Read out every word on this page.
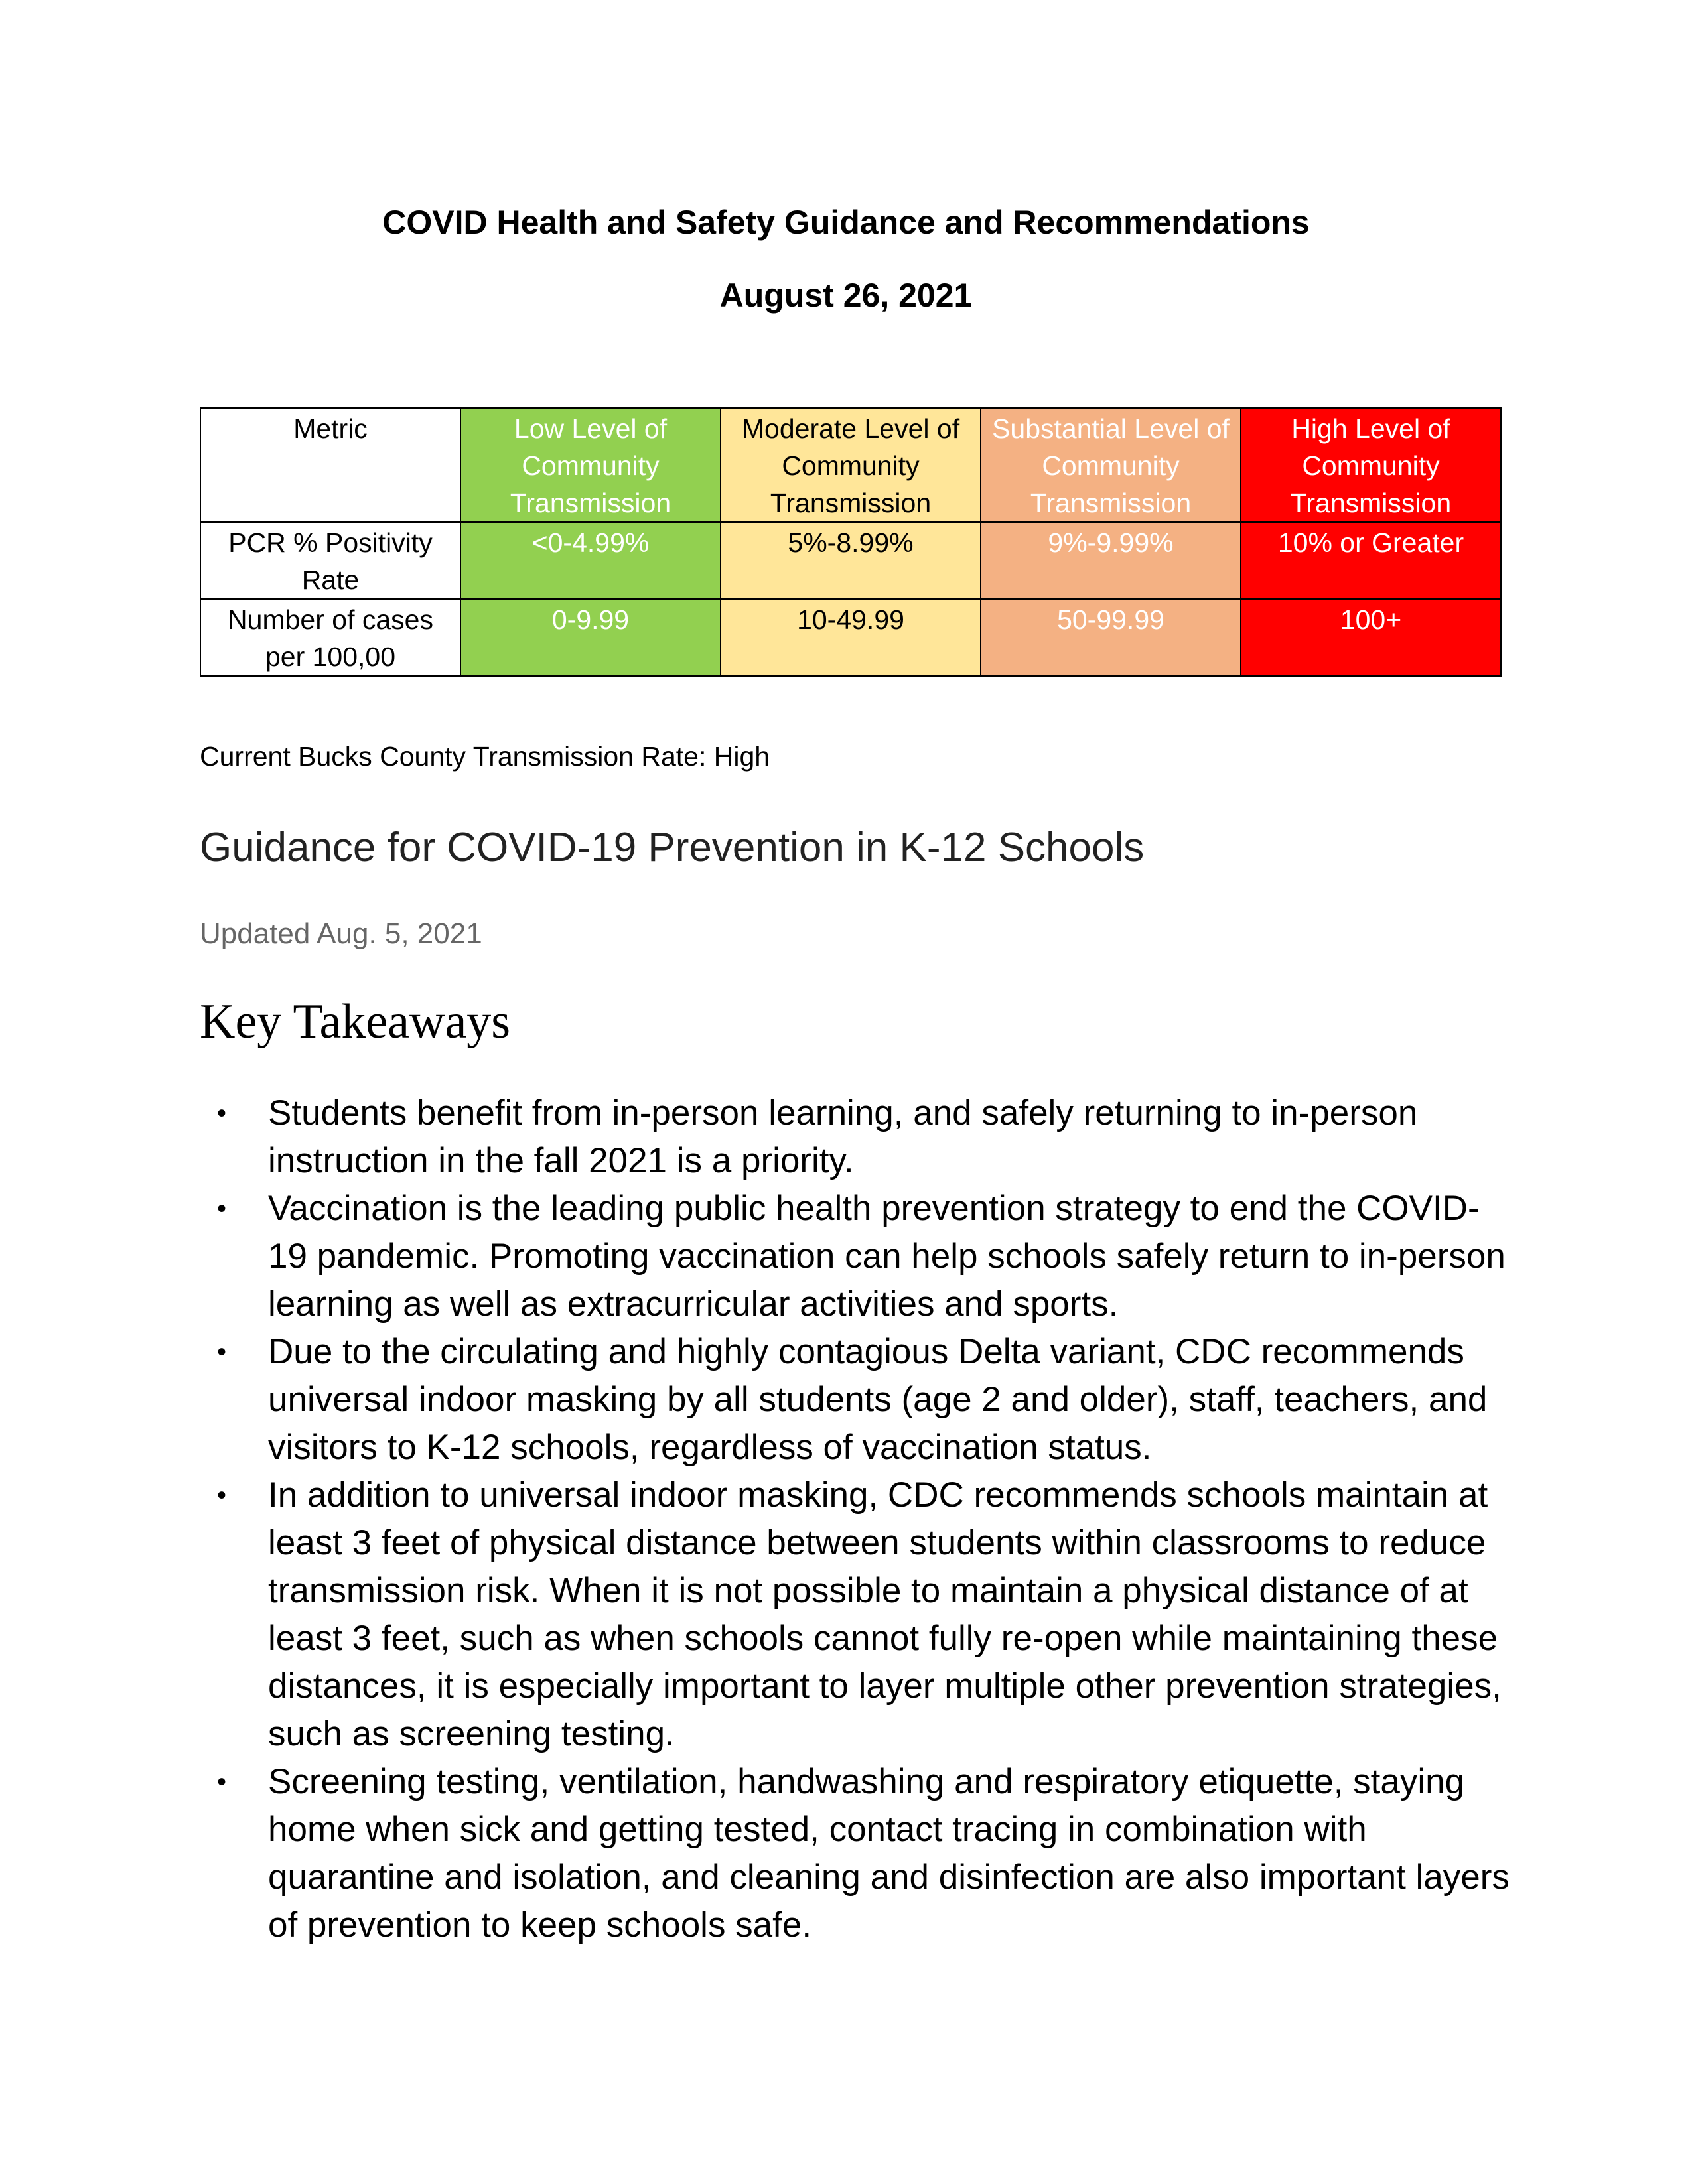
COVID Health and Safety Guidance and Recommendations
August 26, 2021
Metric	Low Level of Community Transmission	Moderate Level of Community Transmission	Substantial Level of Community Transmission	High Level of Community Transmission
PCR % Positivity Rate	<0-4.99%	5%-8.99%	9%-9.99%	10% or Greater
Number of cases per 100,00	0-9.99	10-49.99	50-99.99	100+
Current Bucks County Transmission Rate: High
Guidance for COVID-19 Prevention in K-12 Schools
Updated Aug. 5, 2021
Key Takeaways
• Students benefit from in-person learning, and safely returning to in-person instruction in the fall 2021 is a priority.
• Vaccination is the leading public health prevention strategy to end the COVID-19 pandemic. Promoting vaccination can help schools safely return to in-person learning as well as extracurricular activities and sports.
• Due to the circulating and highly contagious Delta variant, CDC recommends universal indoor masking by all students (age 2 and older), staff, teachers, and visitors to K-12 schools, regardless of vaccination status.
• In addition to universal indoor masking, CDC recommends schools maintain at least 3 feet of physical distance between students within classrooms to reduce transmission risk. When it is not possible to maintain a physical distance of at least 3 feet, such as when schools cannot fully re-open while maintaining these distances, it is especially important to layer multiple other prevention strategies, such as screening testing.
• Screening testing, ventilation, handwashing and respiratory etiquette, staying home when sick and getting tested, contact tracing in combination with quarantine and isolation, and cleaning and disinfection are also important layers of prevention to keep schools safe.
